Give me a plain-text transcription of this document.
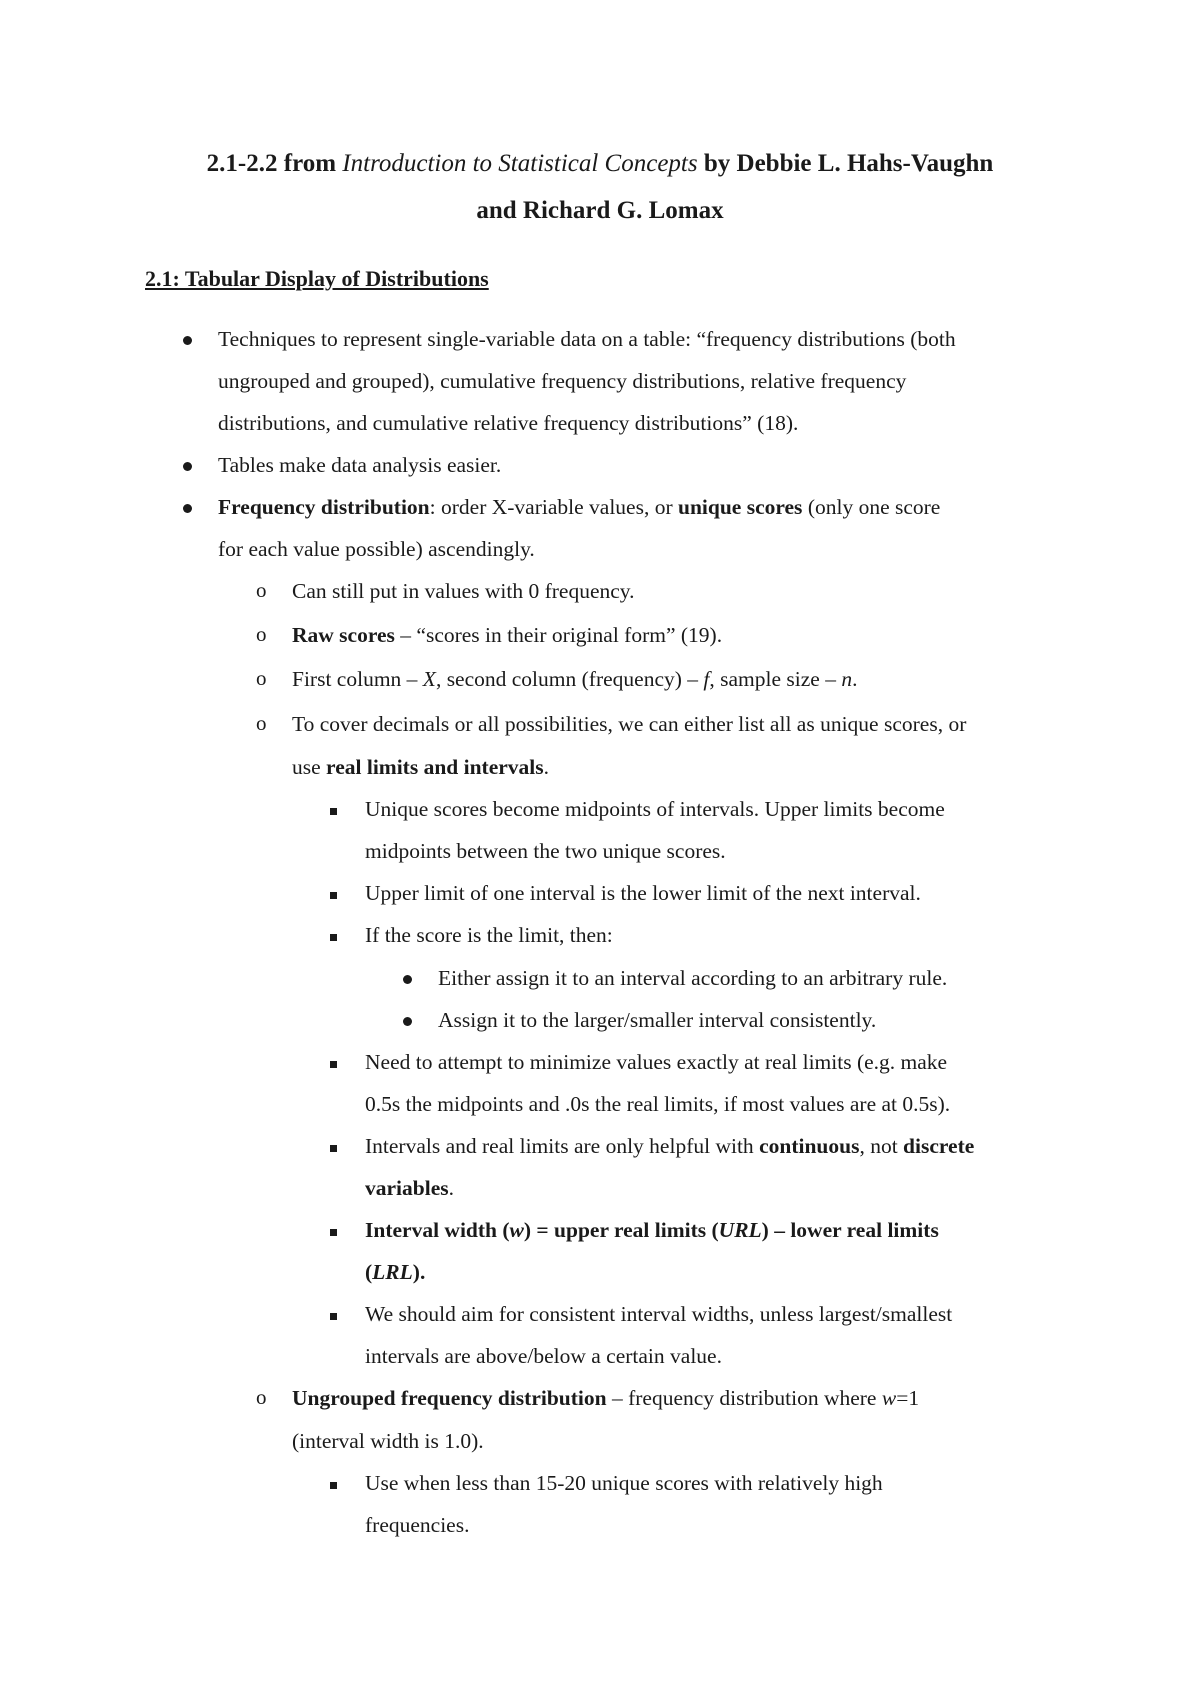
2.1-2.2 from Introduction to Statistical Concepts by Debbie L. Hahs-Vaughn
and Richard G. Lomax
2.1: Tabular Display of Distributions
Techniques to represent single-variable data on a table: “frequency distributions (both
ungrouped and grouped), cumulative frequency distributions, relative frequency
distributions, and cumulative relative frequency distributions” (18).
Tables make data analysis easier.
Frequency distribution: order X-variable values, or unique scores (only one score
for each value possible) ascendingly.
o Can still put in values with 0 frequency.
o Raw scores – “scores in their original form” (19).
o First column – X, second column (frequency) – f, sample size – n.
o To cover decimals or all possibilities, we can either list all as unique scores, or
use real limits and intervals.
Unique scores become midpoints of intervals. Upper limits become
midpoints between the two unique scores.
Upper limit of one interval is the lower limit of the next interval.
If the score is the limit, then:
Either assign it to an interval according to an arbitrary rule.
Assign it to the larger/smaller interval consistently.
Need to attempt to minimize values exactly at real limits (e.g. make
0.5s the midpoints and .0s the real limits, if most values are at 0.5s).
Intervals and real limits are only helpful with continuous, not discrete
variables.
Interval width (w) = upper real limits (URL) – lower real limits
(LRL).
We should aim for consistent interval widths, unless largest/smallest
intervals are above/below a certain value.
o Ungrouped frequency distribution – frequency distribution where w=1
(interval width is 1.0).
Use when less than 15-20 unique scores with relatively high
frequencies.
